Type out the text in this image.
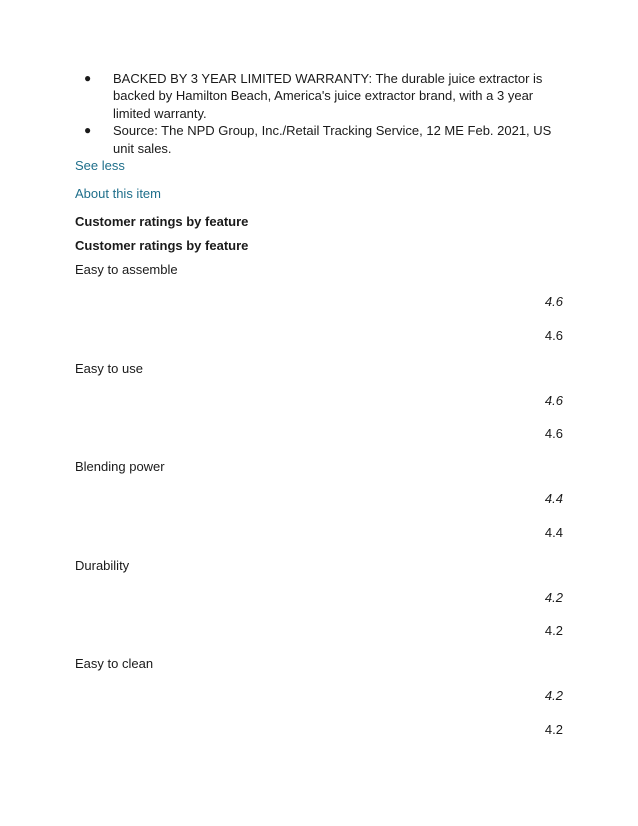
● BACKED BY 3 YEAR LIMITED WARRANTY: The durable juice extractor is backed by Hamilton Beach, America's juice extractor brand, with a 3 year limited warranty.
● Source: The NPD Group, Inc./Retail Tracking Service, 12 ME Feb. 2021, US unit sales.
See less
About this item
Customer ratings by feature
Customer ratings by feature
Easy to assemble
4.6
4.6
Easy to use
4.6
4.6
Blending power
4.4
4.4
Durability
4.2
4.2
Easy to clean
4.2
4.2
